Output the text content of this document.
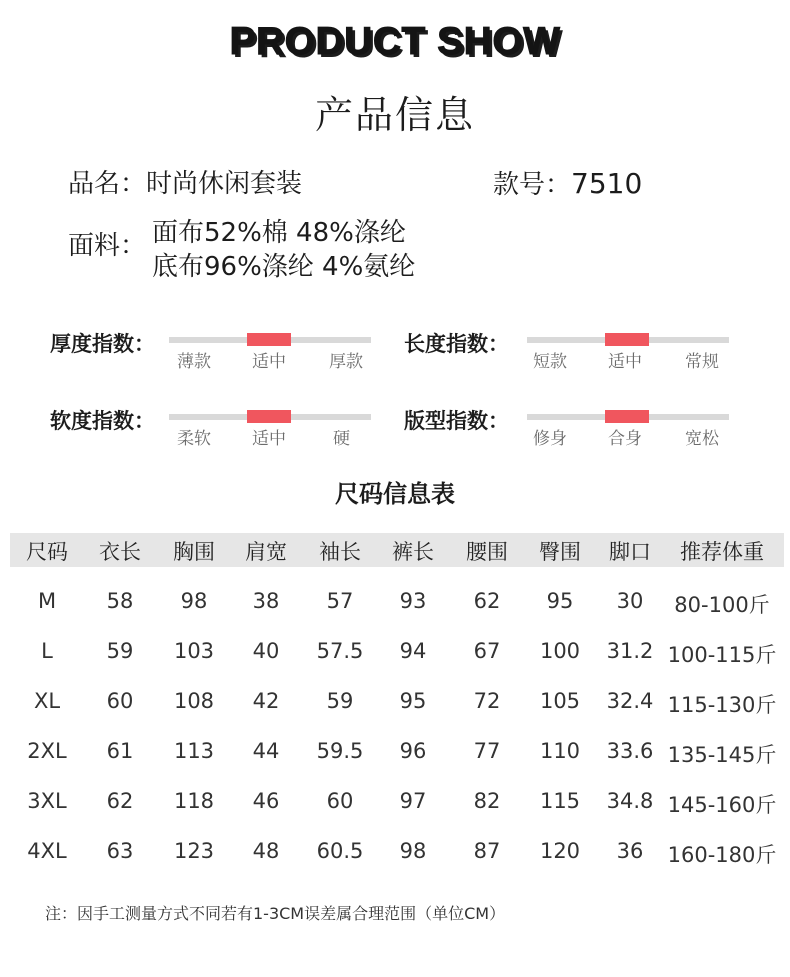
PRODUCT SHOW
产品信息
品名：时尚休闲套装	款号：7510
面料： 面布52%棉 48%涤纶
底布96%涤纶 4%氨纶
厚度指数：
薄款 适中	厚款
长度指数：
短款 适中	常规
软度指数：
柔软 适中	硬
版型指数：
修身 合身	宽松
尺码信息表
尺码 衣长 胸围 肩宽 袖长 裤长 腰围 臀围 脚口 推荐体重
M 58 98 38 57 93 62 95 30 80-100斤
L	59 103 40 57.5 94 67 100 31.2 100-115斤
XL 60 108 42 59 95 72 105 32.4 115-130斤
2XL 61 113 44 59.5 96 77 110 33.6 135-145斤
3XL 62 118 46 60 97 82 115 34.8 145-160斤
4XL 63 123 48 60.5 98 87 120 36 160-180斤
注：因手工测量方式不同若有1-3CM误差属合理范围（单位CM）
